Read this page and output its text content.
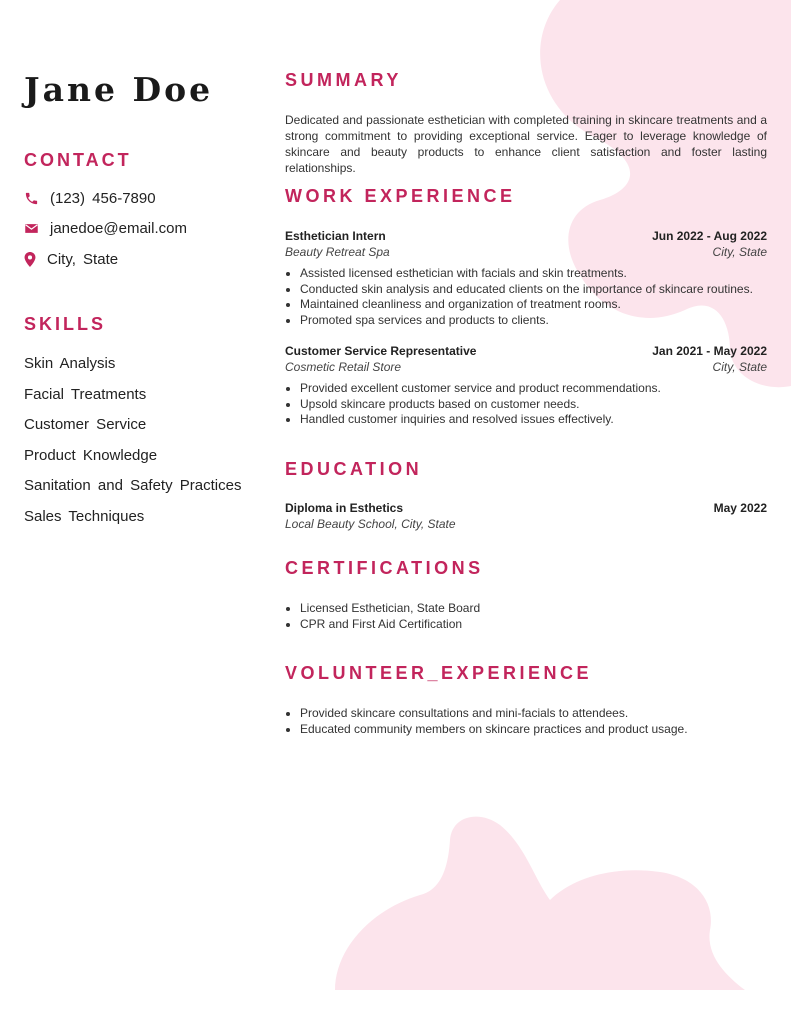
Jane Doe
CONTACT
(123) 456-7890
janedoe@email.com
City, State
SKILLS
Skin Analysis
Facial Treatments
Customer Service
Product Knowledge
Sanitation and Safety Practices
Sales Techniques
SUMMARY

Dedicated and passionate esthetician with completed training in skincare treatments and a strong commitment to providing exceptional service. Eager to leverage knowledge of skincare and beauty products to enhance client satisfaction and foster lasting relationships.

WORK EXPERIENCE
Esthetician Intern	Jun 2022 - Aug 2022
Beauty Retreat Spa	City, State
• Assisted licensed esthetician with facials and skin treatments.
• Conducted skin analysis and educated clients on the importance of skincare routines.
• Maintained cleanliness and organization of treatment rooms.
• Promoted spa services and products to clients.
Customer Service Representative	Jan 2021 - May 2022
Cosmetic Retail Store	City, State
• Provided excellent customer service and product recommendations.
• Upsold skincare products based on customer needs.
• Handled customer inquiries and resolved issues effectively.
EDUCATION
Diploma in Esthetics	May 2022
Local Beauty School, City, State
CERTIFICATIONS
• Licensed Esthetician, State Board
• CPR and First Aid Certification
VOLUNTEER_EXPERIENCE
• Provided skincare consultations and mini-facials to attendees.
• Educated community members on skincare practices and product usage.
